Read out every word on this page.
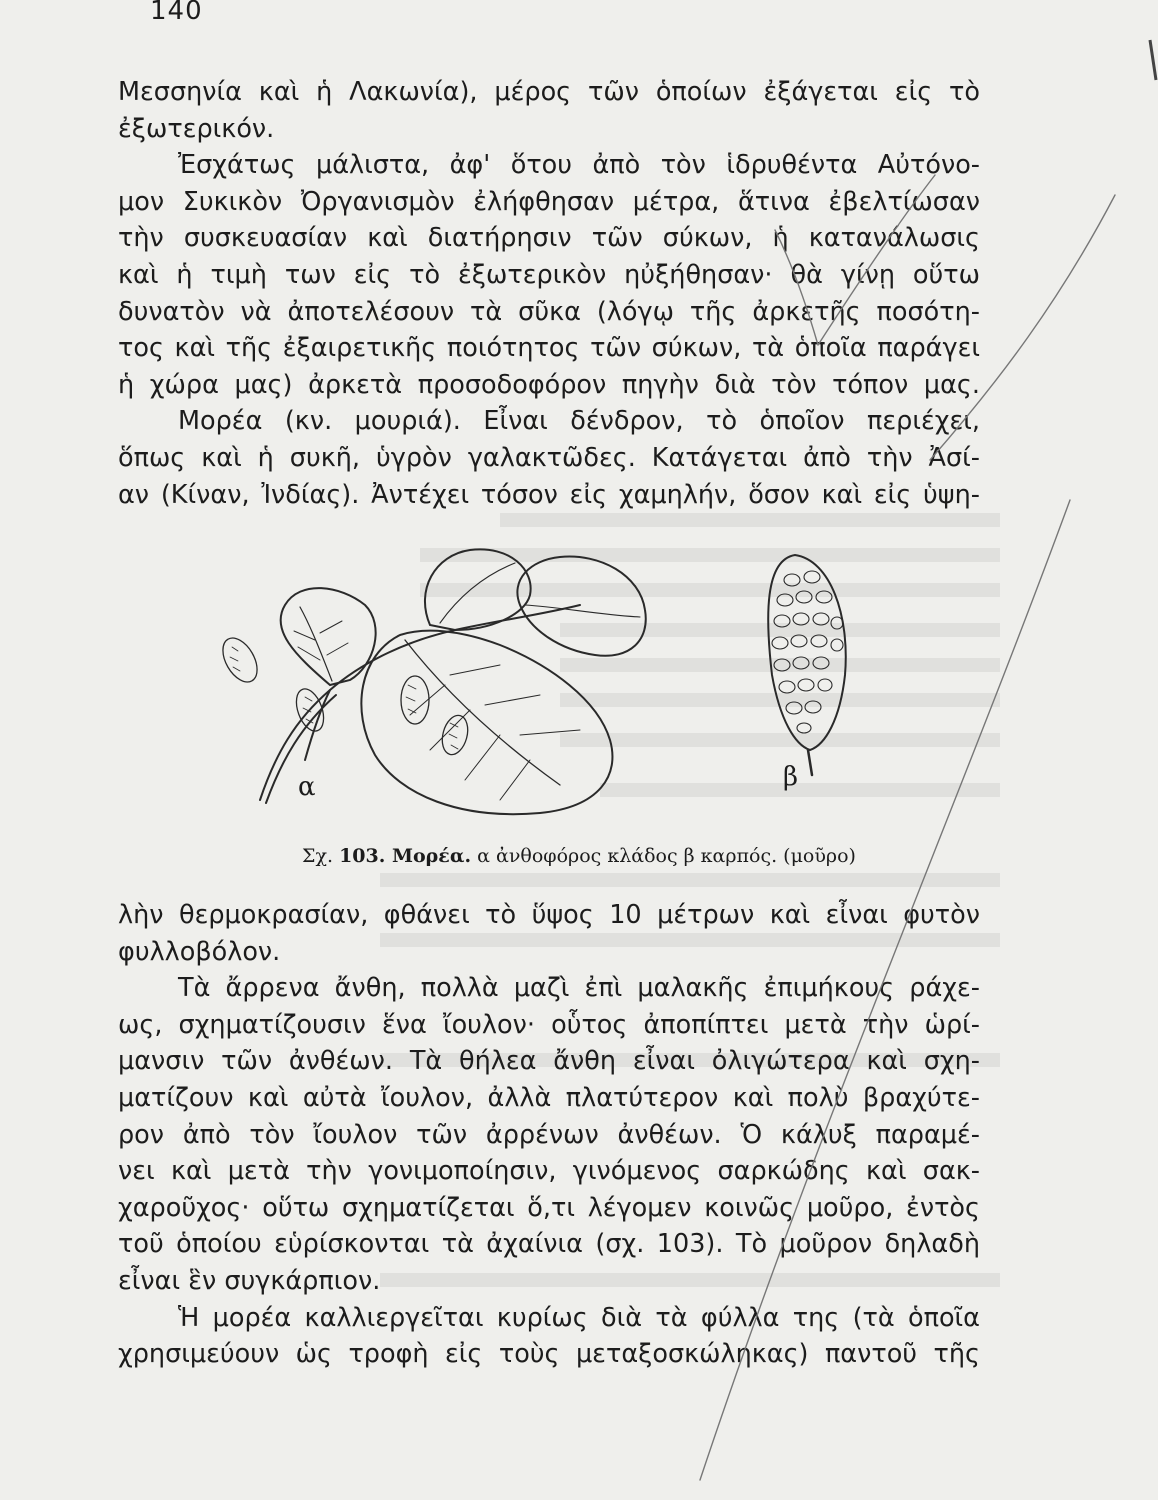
140
Μεσσηνία καὶ ἡ Λακωνία), μέρος τῶν ὁποίων ἐξάγεται εἰς τὸ
ἐξωτερικόν.
Ἐσχάτως μάλιστα, ἀφ' ὅτου ἀπὸ τὸν ἱδρυθέντα Αὐτόνο-
μον Συκικὸν Ὀργανισμὸν ἐλήφθησαν μέτρα, ἅτινα ἐβελτίωσαν
τὴν συσκευασίαν καὶ διατήρησιν τῶν σύκων, ἡ κατανάλωσις
καὶ ἡ τιμὴ των εἰς τὸ ἐξωτερικὸν ηὐξήθησαν· θὰ γίνῃ οὕτω
δυνατὸν νὰ ἀποτελέσουν τὰ σῦκα (λόγῳ τῆς ἀρκετῆς ποσότη-
τος καὶ τῆς ἐξαιρετικῆς ποιότητος τῶν σύκων, τὰ ὁποῖα παράγει
ἡ χώρα μας) ἀρκετὰ προσοδοφόρον πηγὴν διὰ τὸν τόπον μας.
Μορέα (κν. μουριά). Εἶναι δένδρον, τὸ ὁποῖον περιέχει,
ὅπως καὶ ἡ συκῆ, ὑγρὸν γαλακτῶδες. Κατάγεται ἀπὸ τὴν Ἀσί-
αν (Κίναν, Ἰνδίας). Ἀντέχει τόσον εἰς χαμηλήν, ὅσον καὶ εἰς ὑψη-
α	β
Σχ. 103. Μορέα. α ἀνθοφόρος κλάδος β καρπός. (μοῦρο)
λὴν θερμοκρασίαν, φθάνει τὸ ὕψος 10 μέτρων καὶ εἶναι φυτὸν
φυλλοβόλον.
Τὰ ἄρρενα ἄνθη, πολλὰ μαζὶ ἐπὶ μαλακῆς ἐπιμήκους ράχε-
ως, σχηματίζουσιν ἕνα ἴουλον· οὗτος ἀποπίπτει μετὰ τὴν ὡρί-
μανσιν τῶν ἀνθέων. Τὰ θήλεα ἄνθη εἶναι ὀλιγώτερα καὶ σχη-
ματίζουν καὶ αὐτὰ ἴουλον, ἀλλὰ πλατύτερον καὶ πολὺ βραχύτε-
ρον ἀπὸ τὸν ἴουλον τῶν ἀρρένων ἀνθέων. Ὁ κάλυξ παραμέ-
νει καὶ μετὰ τὴν γονιμοποίησιν, γινόμενος σαρκώδης καὶ σακ-
χαροῦχος· οὕτω σχηματίζεται ὅ,τι λέγομεν κοινῶς μοῦρο, ἐντὸς
τοῦ ὁποίου εὑρίσκονται τὰ ἀχαίνια (σχ. 103). Τὸ μοῦρον δηλαδὴ
εἶναι ἓν συγκάρπιον.
Ἡ μορέα καλλιεργεῖται κυρίως διὰ τὰ φύλλα της (τὰ ὁποῖα
χρησιμεύουν ὡς τροφὴ εἰς τοὺς μεταξοσκώληκας) παντοῦ τῆς
